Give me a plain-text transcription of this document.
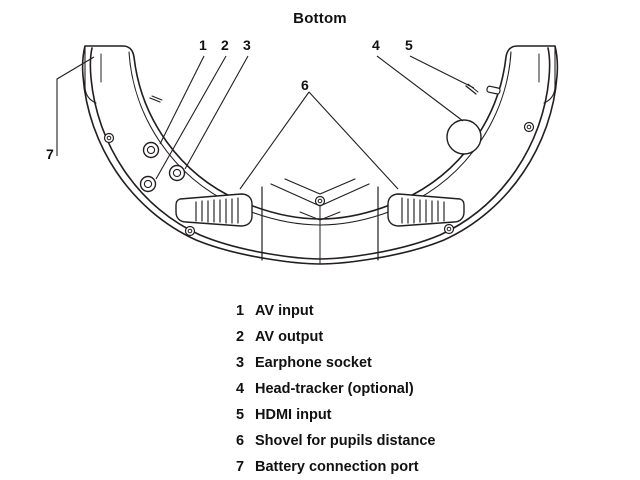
Bottom
1 2 3	4 5
6
7
1 AV input
2 AV output
3 Earphone socket
4 Head-tracker (optional)
5 HDMI input
6 Shovel for pupils distance
7 Battery connection port
